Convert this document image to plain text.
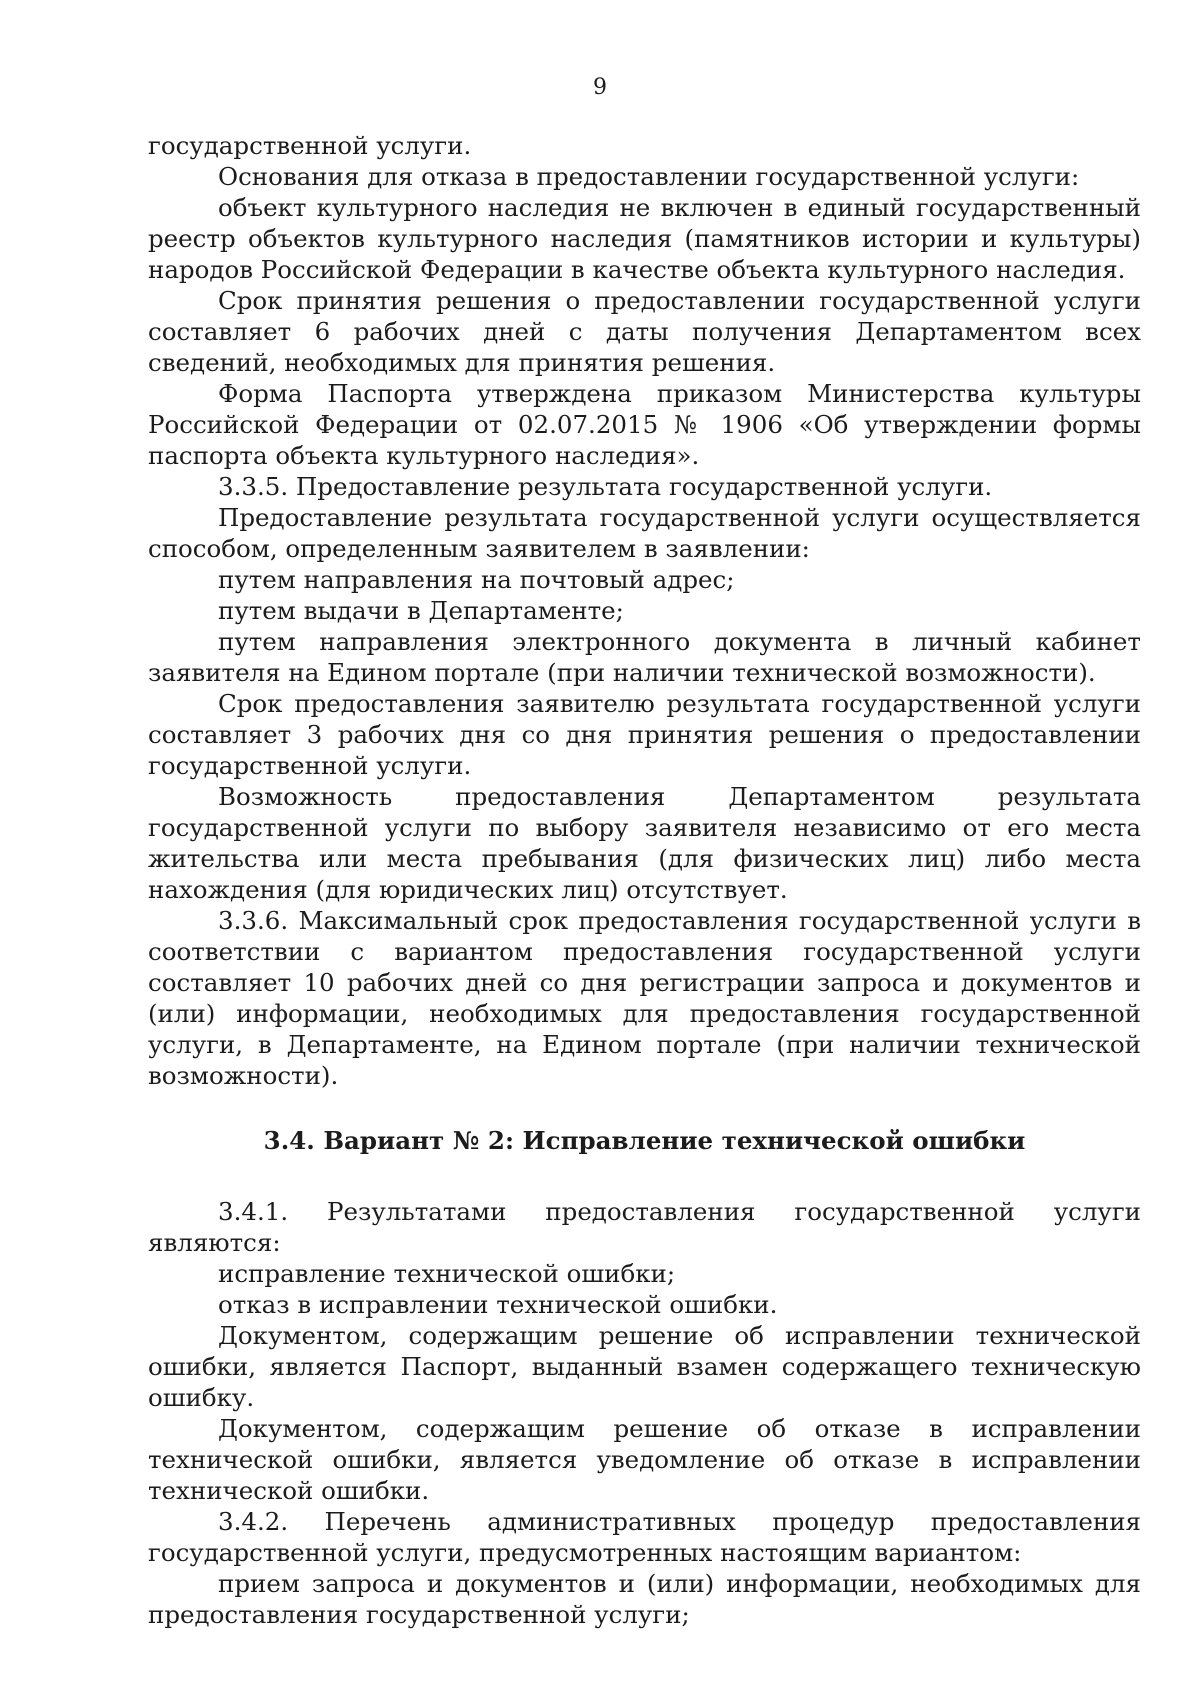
9

государственной услуги.

Основания для отказа в предоставлении государственной услуги:

объект культурного наследия не включен в единый государственный реестр объектов культурного наследия (памятников истории и культуры) народов Российской Федерации в качестве объекта культурного наследия.

Срок принятия решения о предоставлении государственной услуги составляет 6 рабочих дней с даты получения Департаментом всех сведений, необходимых для принятия решения.

Форма Паспорта утверждена приказом Министерства культуры Российской Федерации от 02.07.2015 № 1906 «Об утверждении формы паспорта объекта культурного наследия».

3.3.5. Предоставление результата государственной услуги.

Предоставление результата государственной услуги осуществляется способом, определенным заявителем в заявлении:

путем направления на почтовый адрес;

путем выдачи в Департаменте;

путем направления электронного документа в личный кабинет заявителя на Едином портале (при наличии технической возможности).

Срок предоставления заявителю результата государственной услуги составляет 3 рабочих дня со дня принятия решения о предоставлении государственной услуги.

Возможность предоставления Департаментом результата государственной услуги по выбору заявителя независимо от его места жительства или места пребывания (для физических лиц) либо места нахождения (для юридических лиц) отсутствует.

3.3.6. Максимальный срок предоставления государственной услуги в соответствии с вариантом предоставления государственной услуги составляет 10 рабочих дней со дня регистрации запроса и документов и (или) информации, необходимых для предоставления государственной услуги, в Департаменте, на Едином портале (при наличии технической возможности).

3.4. Вариант № 2: Исправление технической ошибки

3.4.1. Результатами предоставления государственной услуги являются:

исправление технической ошибки;

отказ в исправлении технической ошибки.

Документом, содержащим решение об исправлении технической ошибки, является Паспорт, выданный взамен содержащего техническую ошибку.

Документом, содержащим решение об отказе в исправлении технической ошибки, является уведомление об отказе в исправлении технической ошибки.

3.4.2. Перечень административных процедур предоставления государственной услуги, предусмотренных настоящим вариантом:

прием запроса и документов и (или) информации, необходимых для предоставления государственной услуги;
